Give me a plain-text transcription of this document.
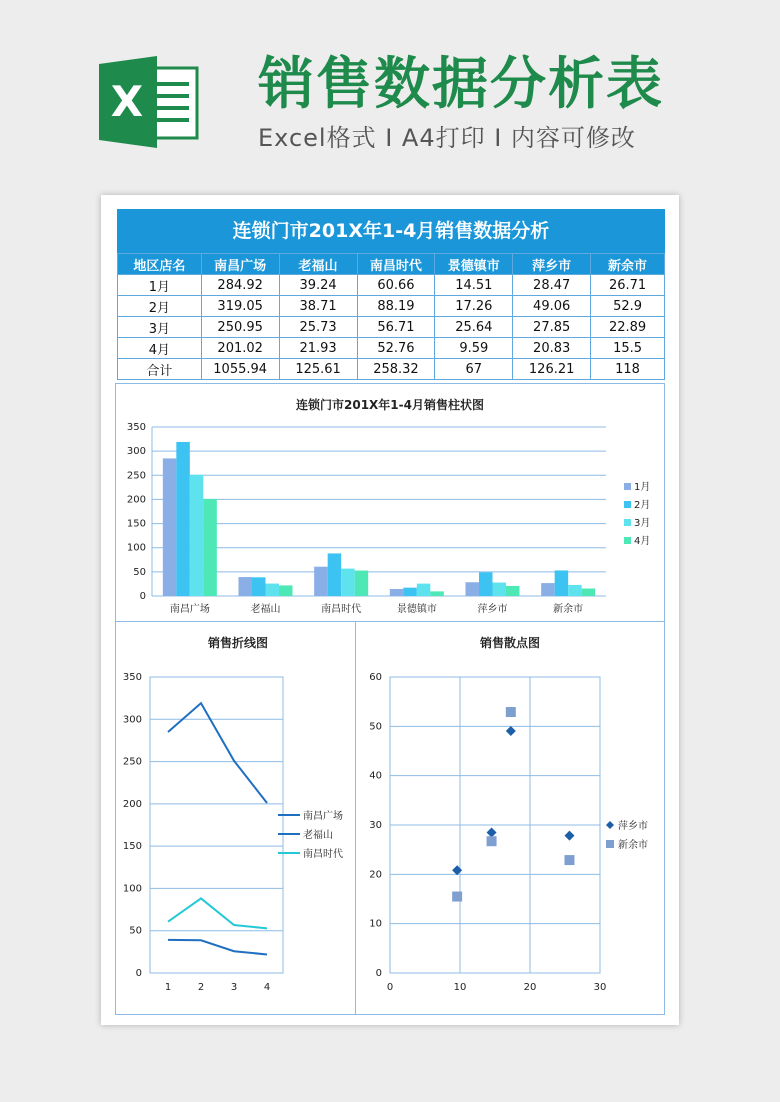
X 销售数据分析表
Excel格式 I A4打印 I 内容可修改
连锁门市201X年1-4月销售数据分析
地区店名	南昌广场	老福山	南昌时代	景德镇市	萍乡市	新余市
1月	284.92	39.24	60.66	14.51	28.47	26.71
2月	319.05	38.71	88.19	17.26	49.06	52.9
3月	250.95	25.73	56.71	25.64	27.85	22.89
4月	201.02	21.93	52.76	9.59	20.83	15.5
合计	1055.94	125.61	258.32	67	126.21	118
连锁门市201X年1-4月销售柱状图
0
50
100
150
200
250
300
350
南昌广场	老福山	南昌时代	景德镇市	萍乡市	新余市
1月
2月
3月
4月
销售折线图
0
50
100
150
200
250
300
350
1	2	3	4
南昌广场
老福山
南昌时代
销售散点图
0
10
20
30
40
50
60
0	10	20	30
萍乡市
新余市
